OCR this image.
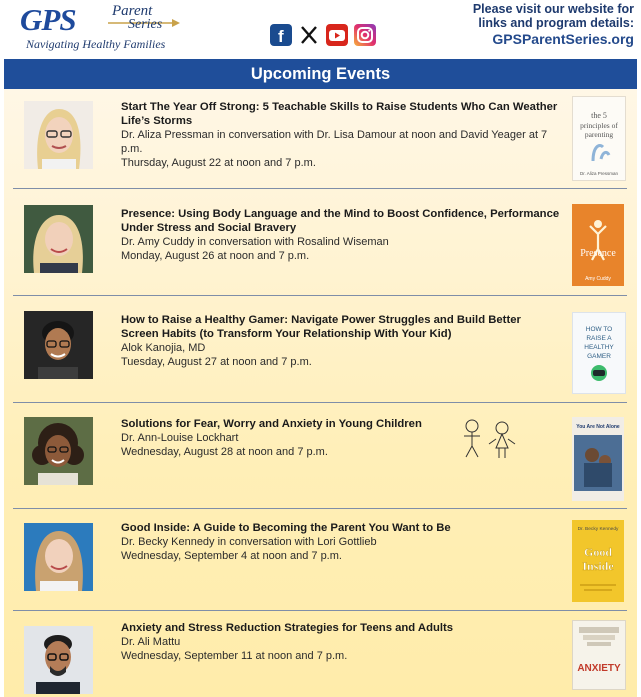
GPS Parent
Series
Navigating Healthy Families	f
Please visit our website for
links and program details:
GPSParentSeries.org
Upcoming Events
Start The Year Off Strong: 5 Teachable Skills to Raise Students Who Can Weather Life’s Storms
Dr. Aliza Pressman in conversation with Dr. Lisa Damour at noon and David Yeager at 7 p.m.
Thursday, August 22 at noon and 7 p.m.
the 5
principles of
parenting
Dr. Aliza Pressman
Presence: Using Body Language and the Mind to Boost Confidence, Performance Under Stress and Social Bravery
Dr. Amy Cuddy in conversation with Rosalind Wiseman
Monday, August 26 at noon and 7 p.m.	Presence
Amy Cuddy
How to Raise a Healthy Gamer: Navigate Power Struggles and Build Better Screen Habits (to Transform Your Relationship With Your Kid)
Alok Kanojia, MD
Tuesday, August 27 at noon and 7 p.m.
HOW TO
RAISE A
HEALTHY
GAMER
Solutions for Fear, Worry and Anxiety in Young Children
Dr. Ann-Louise Lockhart
Wednesday, August 28 at noon and 7 p.m.
You Are Not Alone
Good Inside: A Guide to Becoming the Parent You Want to Be
Dr. Becky Kennedy in conversation with Lori Gottlieb
Wednesday, September 4 at noon and 7 p.m.
Dr. Becky Kennedy
Good
Inside
Anxiety and Stress Reduction Strategies for Teens and Adults
Dr. Ali Mattu
Wednesday, September 11 at noon and 7 p.m.
ANXIETY
